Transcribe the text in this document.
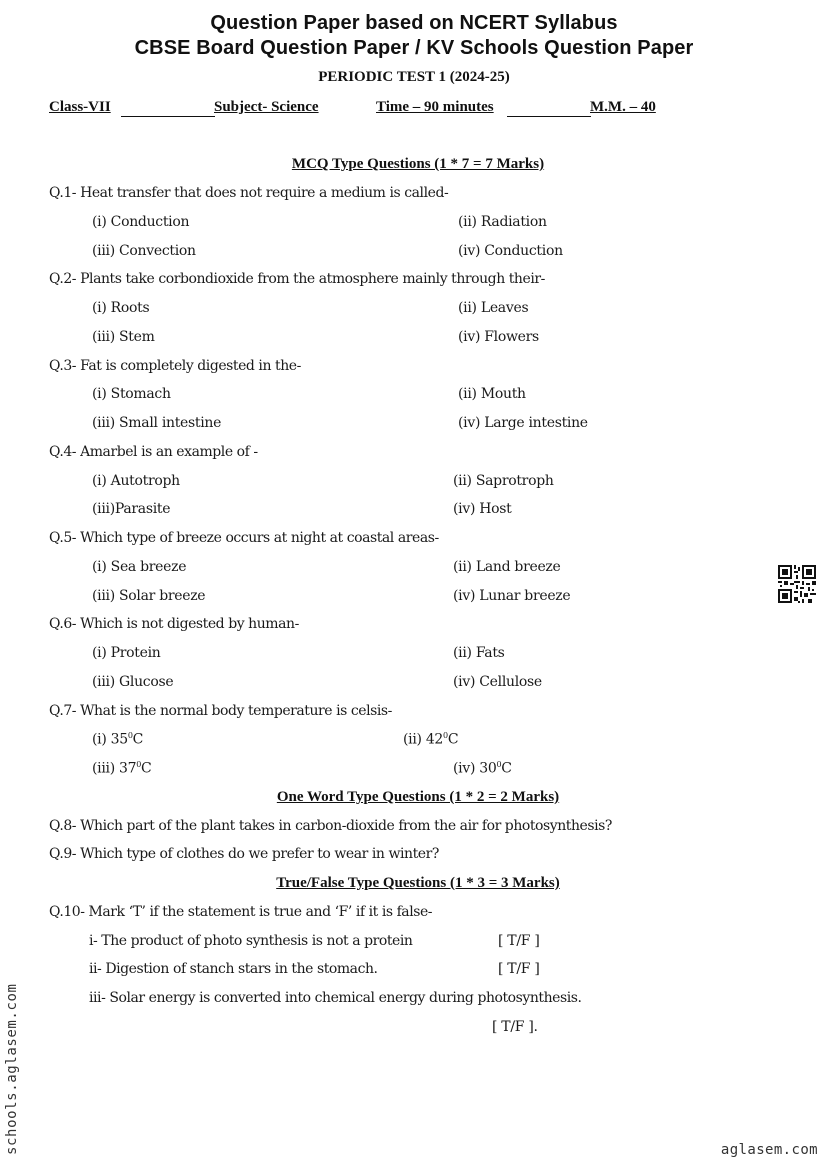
Question Paper based on NCERT Syllabus
CBSE Board Question Paper / KV Schools Question Paper
PERIODIC TEST 1 (2024-25)
Class-VII	Subject- Science	Time – 90 minutes	M.M. – 40
MCQ Type Questions (1 * 7 = 7 Marks)
Q.1- Heat transfer that does not require a medium is called-
(i) Conduction	(ii) Radiation
(iii) Convection	(iv) Conduction
Q.2- Plants take corbondioxide from the atmosphere mainly through their-
(i) Roots	(ii) Leaves
(iii) Stem	(iv) Flowers
Q.3- Fat is completely digested in the-
(i) Stomach	(ii) Mouth
(iii) Small intestine	(iv) Large intestine
Q.4- Amarbel is an example of -
(i) Autotroph	(ii) Saprotroph
(iii)Parasite	(iv) Host
Q.5- Which type of breeze occurs at night at coastal areas-
(i) Sea breeze	(ii) Land breeze
(iii) Solar breeze	(iv) Lunar breeze
Q.6- Which is not digested by human-
(i) Protein	(ii) Fats
(iii) Glucose	(iv) Cellulose
Q.7- What is the normal body temperature is celsis-
(i) $35^0C$	(ii) $42^0C$
(iii) $37^0C$	(iv) $30^0C$
One Word Type Questions (1 * 2 = 2 Marks)
Q.8- Which part of the plant takes in carbon-dioxide from the air for photosynthesis?
Q.9- Which type of clothes do we prefer to wear in winter?
True/False Type Questions (1 * 3 = 3 Marks)
Q.10- Mark ‘T’ if the statement is true and ‘F’ if it is false-
i- The product of photo synthesis is not a protein	[ T/F ]
ii- Digestion of stanch stars in the stomach.	[ T/F ]
iii- Solar energy is converted into chemical energy during photosynthesis.
[ T/F ].
schools.aglasem.com	aglasem.com
